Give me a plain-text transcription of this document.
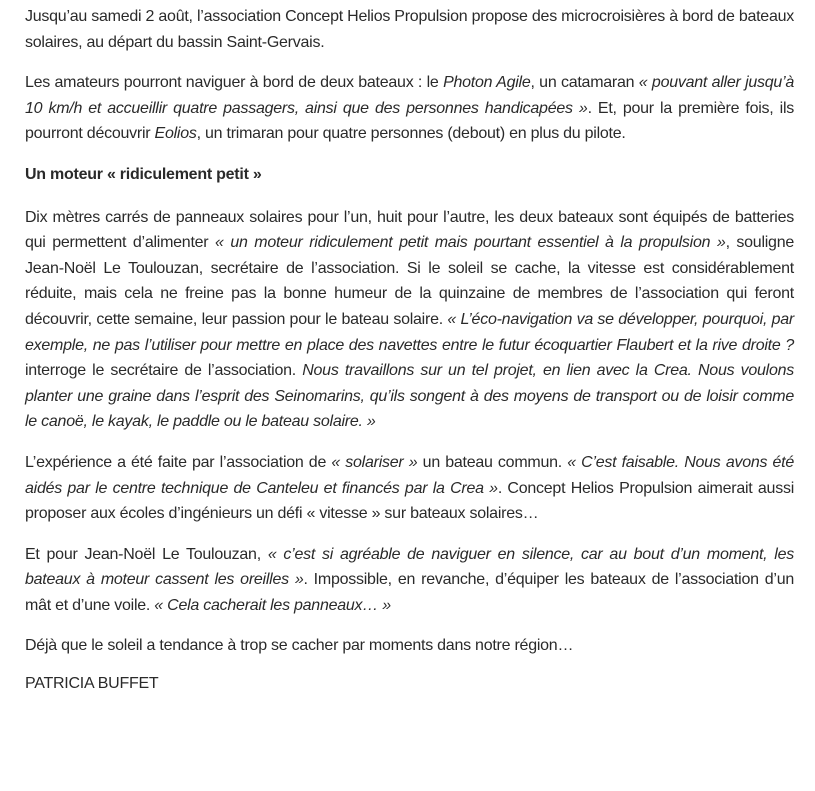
Jusqu’au samedi 2 août, l’association Concept Helios Propulsion propose des microcroisières à bord de bateaux solaires, au départ du bassin Saint-Gervais.

Les amateurs pourront naviguer à bord de deux bateaux : le Photon Agile, un catamaran « pouvant aller jusqu’à 10 km/h et accueillir quatre passagers, ainsi que des personnes handicapées ». Et, pour la première fois, ils pourront découvrir Eolios, un trimaran pour quatre personnes (debout) en plus du pilote.

Un moteur « ridiculement petit »

Dix mètres carrés de panneaux solaires pour l’un, huit pour l’autre, les deux bateaux sont équipés de batteries qui permettent d’alimenter « un moteur ridiculement petit mais pourtant essentiel à la propulsion », souligne Jean-Noël Le Toulouzan, secrétaire de l’association. Si le soleil se cache, la vitesse est considérablement réduite, mais cela ne freine pas la bonne humeur de la quinzaine de membres de l’association qui feront découvrir, cette semaine, leur passion pour le bateau solaire. « L’éco-navigation va se développer, pourquoi, par exemple, ne pas l’utiliser pour mettre en place des navettes entre le futur écoquartier Flaubert et la rive droite ?interroge le secrétaire de l’association. Nous travaillons sur un tel projet, en lien avec la Crea. Nous voulons planter une graine dans l’esprit des Seinomarins, qu’ils songent à des moyens de transport ou de loisir comme le canoë, le kayak, le paddle ou le bateau solaire. »

L’expérience a été faite par l’association de « solariser » un bateau commun. « C’est faisable. Nous avons été aidés par le centre technique de Canteleu et financés par la Crea ». Concept Helios Propulsion aimerait aussi proposer aux écoles d’ingénieurs un défi « vitesse » sur bateaux solaires…

Et pour Jean-Noël Le Toulouzan, « c’est si agréable de naviguer en silence, car au bout d’un moment, les bateaux à moteur cassent les oreilles ». Impossible, en revanche, d’équiper les bateaux de l’association d’un mât et d’une voile. « Cela cacherait les panneaux… »

Déjà que le soleil a tendance à trop se cacher par moments dans notre région…

PATRICIA BUFFET
